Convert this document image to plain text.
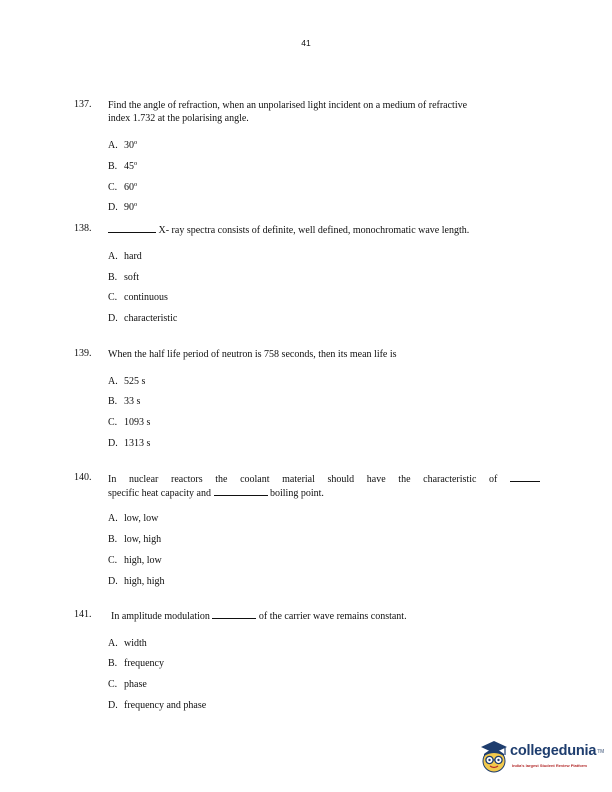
41
137. Find the angle of refraction, when an unpolarised light incident on a medium of refractive
index 1.732 at the polarising angle.
A. 30$^o$
B. 45$^o$
C. 60$^o$
D. 90$^o$
138.	X- ray spectra consists of definite, well defined, monochromatic wave length.
A. hard
B. soft
C. continuous
D. characteristic
139. When the half life period of neutron is 758 seconds, then its mean life is
A. 525 s
B. 33 s
C. 1093 s
D. 1313 s
140. In nuclear reactors the coolant material should have the characteristic of
specific heat capacity and	boiling point.
A. low, low
B. low, high
C. high, low
D. high, high
141. In amplitude modulation	of the carrier wave remains constant.
A. width
B. frequency
C. phase
D. frequency and phase
collegeduniaTM
India's largest Student Review Platform
